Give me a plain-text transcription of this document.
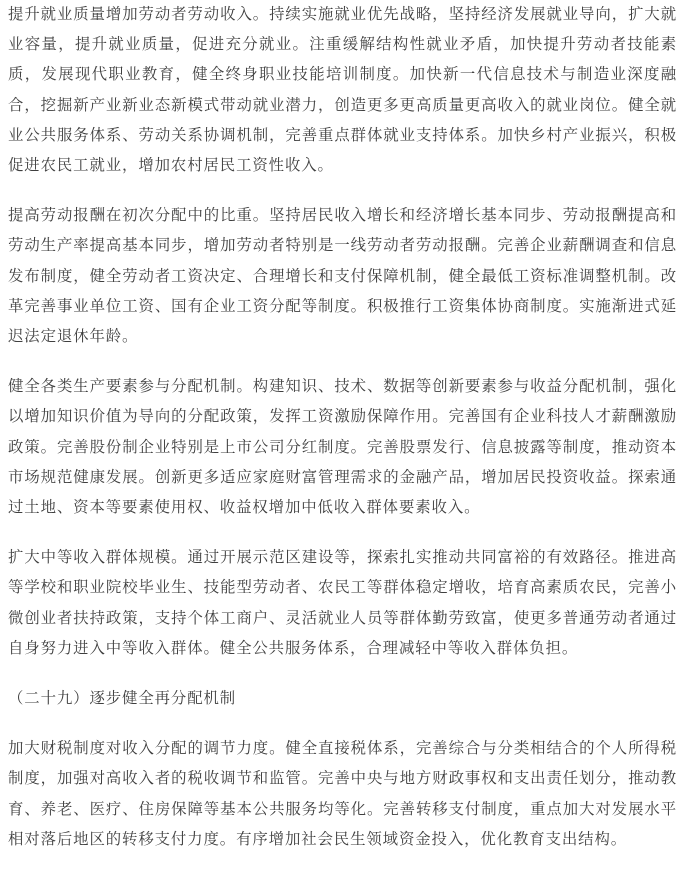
提升就业质量增加劳动者劳动收入。持续实施就业优先战略，坚持经济发展就业导向，扩大就业容量，提升就业质量，促进充分就业。注重缓解结构性就业矛盾，加快提升劳动者技能素质，发展现代职业教育，健全终身职业技能培训制度。加快新一代信息技术与制造业深度融合，挖掘新产业新业态新模式带动就业潜力，创造更多更高质量更高收入的就业岗位。健全就业公共服务体系、劳动关系协调机制，完善重点群体就业支持体系。加快乡村产业振兴，积极促进农民工就业，增加农村居民工资性收入。

提高劳动报酬在初次分配中的比重。坚持居民收入增长和经济增长基本同步、劳动报酬提高和劳动生产率提高基本同步，增加劳动者特别是一线劳动者劳动报酬。完善企业薪酬调查和信息发布制度，健全劳动者工资决定、合理增长和支付保障机制，健全最低工资标准调整机制。改革完善事业单位工资、国有企业工资分配等制度。积极推行工资集体协商制度。实施渐进式延迟法定退休年龄。

健全各类生产要素参与分配机制。构建知识、技术、数据等创新要素参与收益分配机制，强化以增加知识价值为导向的分配政策，发挥工资激励保障作用。完善国有企业科技人才薪酬激励政策。完善股份制企业特别是上市公司分红制度。完善股票发行、信息披露等制度，推动资本市场规范健康发展。创新更多适应家庭财富管理需求的金融产品，增加居民投资收益。探索通过土地、资本等要素使用权、收益权增加中低收入群体要素收入。

扩大中等收入群体规模。通过开展示范区建设等，探索扎实推动共同富裕的有效路径。推进高等学校和职业院校毕业生、技能型劳动者、农民工等群体稳定增收，培育高素质农民，完善小微创业者扶持政策，支持个体工商户、灵活就业人员等群体勤劳致富，使更多普通劳动者通过自身努力进入中等收入群体。健全公共服务体系，合理减轻中等收入群体负担。

（二十九）逐步健全再分配机制

加大财税制度对收入分配的调节力度。健全直接税体系，完善综合与分类相结合的个人所得税制度，加强对高收入者的税收调节和监管。完善中央与地方财政事权和支出责任划分，推动教育、养老、医疗、住房保障等基本公共服务均等化。完善转移支付制度，重点加大对发展水平相对落后地区的转移支付力度。有序增加社会民生领域资金投入，优化教育支出结构。
